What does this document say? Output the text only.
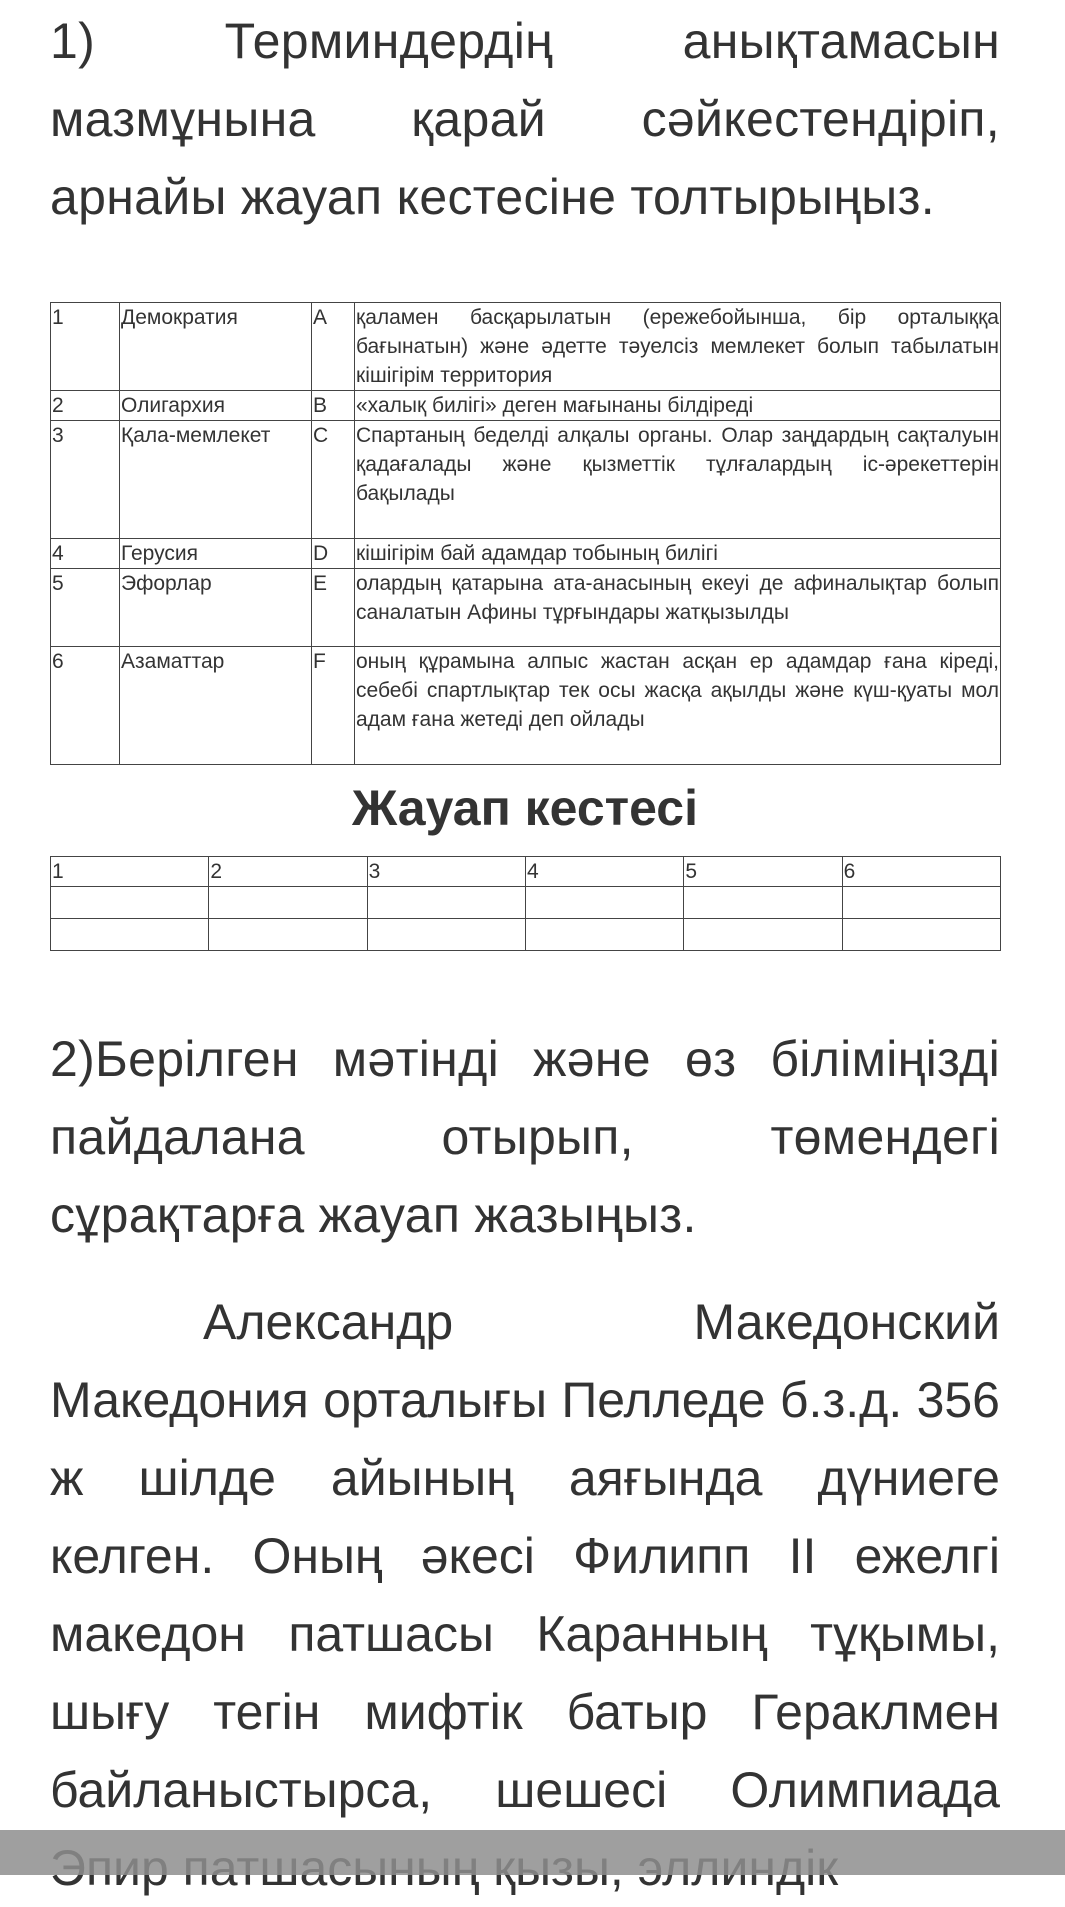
1) Терминдердің анықтамасын мазмұнына қарай сәйкестендіріп, арнайы жауап кестесіне толтырыңыз.

1	Демократия	A	қаламен басқарылатын (ережебойынша, бір орталыққа бағынатын) және әдетте тәуелсіз мемлекет болып табылатын кішігірім территория
2	Олигархия	B	«халық билігі» деген мағынаны білдіреді
3	Қала-мемлекет	C	Спартаның беделді алқалы органы. Олар заңдардың сақталуын қадағалады және қызметтік тұлғалардың іс-әрекеттерін бақылады
4	Герусия	D	кішігірім бай адамдар тобының билігі
5	Эфорлар	E	олардың қатарына ата-анасының екеуі де афиналықтар болып саналатын Афины тұрғындары жатқызылды
6	Азаматтар	F	оның құрамына алпыс жастан асқан ер адамдар ғана кіреді, себебі спартлықтар тек осы жасқа ақылды және күш-қуаты мол адам ғана жетеді деп ойлады
Жауап кестесі
1	2	3	4	5	6

2)Берілген мәтінді және өз біліміңізді пайдалана отырып, төмендегі сұрақтарға жауап жазыңыз.

Александр Македонский Македония орталығы Пелледе б.з.д. 356 ж шілде айының аяғында дүниеге келген. Оның әкесі Филипп II ежелгі македон патшасы Каранның тұқымы, шығу тегін мифтік батыр Гераклмен байланыстырса, шешесі Олимпиада
